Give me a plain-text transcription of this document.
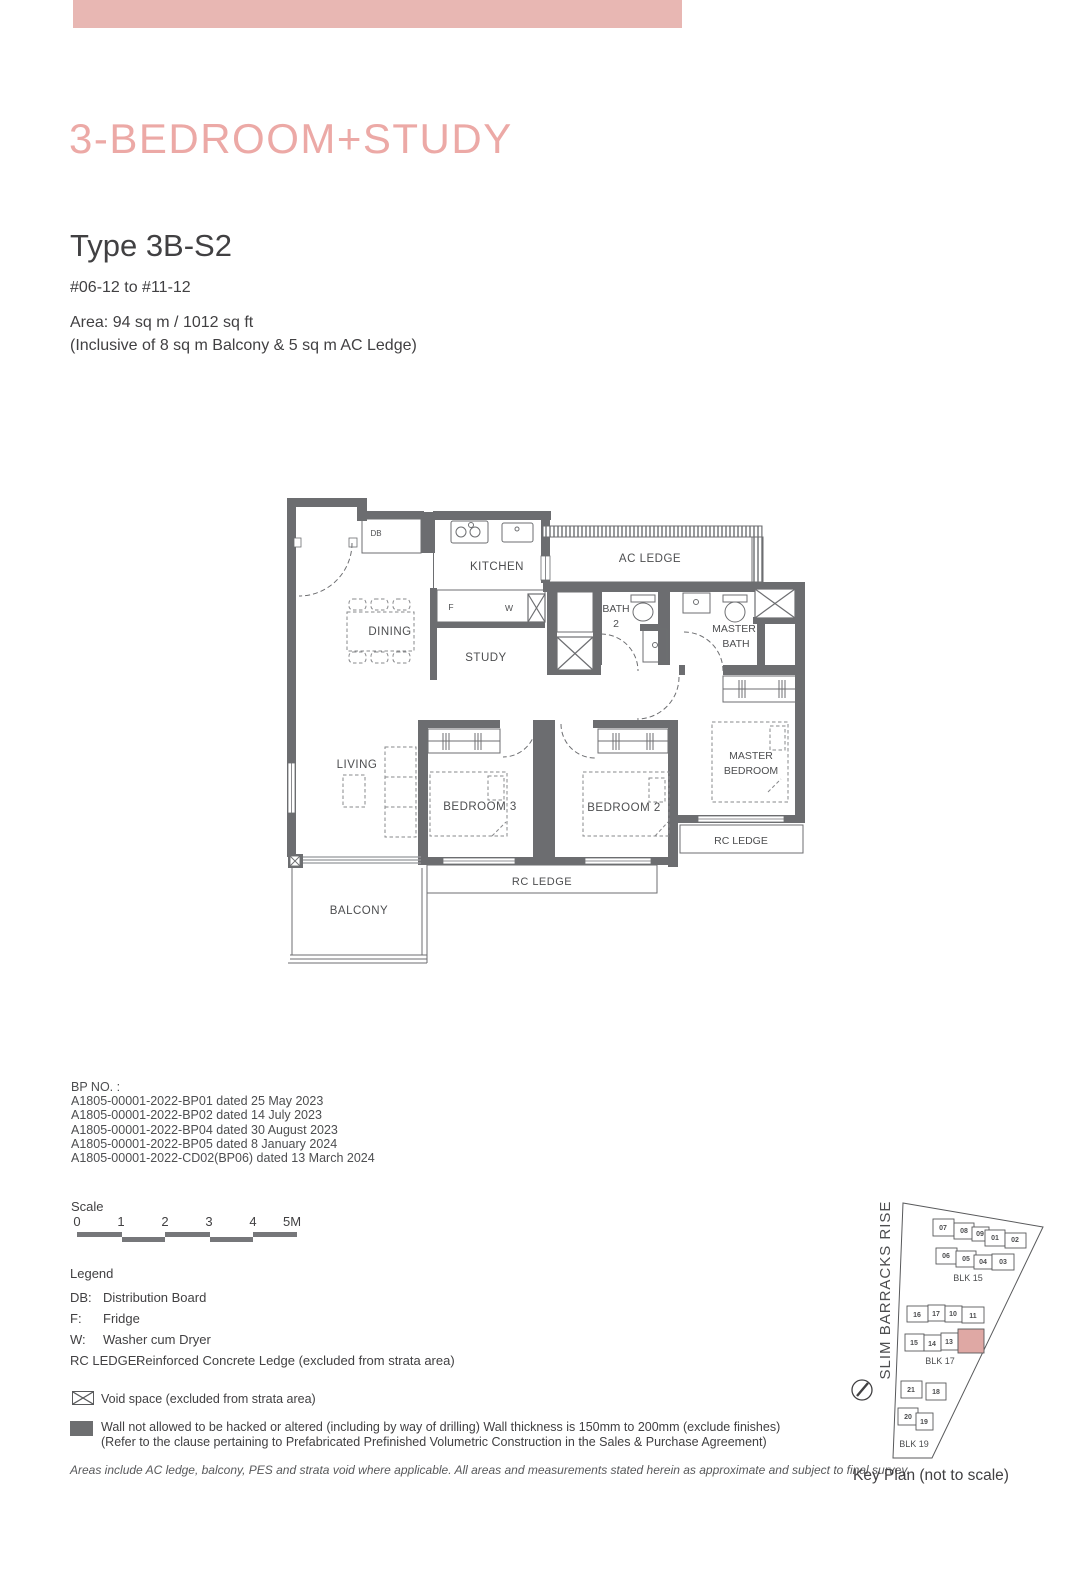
3-BEDROOM+STUDY
Type 3B-S2
#06-12 to #11-12
Area: 94 sq m / 1012 sq ft
(Inclusive of 8 sq m Balcony & 5 sq m AC Ledge)
DB
KITCHEN
AC LEDGE
F	W	BATH
2	MASTER
BATH
DINING
STUDY
LIVING
BEDROOM 3	BEDROOM 2
MASTER
BEDROOM
RC LEDGE
RC LEDGE
BALCONY
BP NO. :
A1805-00001-2022-BP01 dated 25 May 2023
A1805-00001-2022-BP02 dated 14 July 2023
A1805-00001-2022-BP04 dated 30 August 2023
A1805-00001-2022-BP05 dated 8 January 2024
A1805-00001-2022-CD02(BP06) dated 13 March 2024
Scale
0	1	2	3	4 5M
Legend
DB: Distribution Board
F: Fridge
W: Washer cum Dryer
RC LEDGE:
Reinforced Concrete Ledge (excluded from strata area)
Void space (excluded from strata area)
Wall not allowed to be hacked or altered (including by way of drilling) Wall thickness is 150mm to 200mm (exclude finishes)
(Refer to the clause pertaining to Prefabricated Prefinished Volumetric Construction in the Sales & Purchase Agreement)
Areas include AC ledge, balcony, PES and strata void where applicable. All areas and measurements stated herein as approximate and subject to final survey.
SLIM BARRACKS RISE	07 08 09
01 02
06 05 04 03
BLK 15
16 17 10 11
15 14 13
BLK 17
21 18
20
19
BLK 19
Key Plan (not to scale)
